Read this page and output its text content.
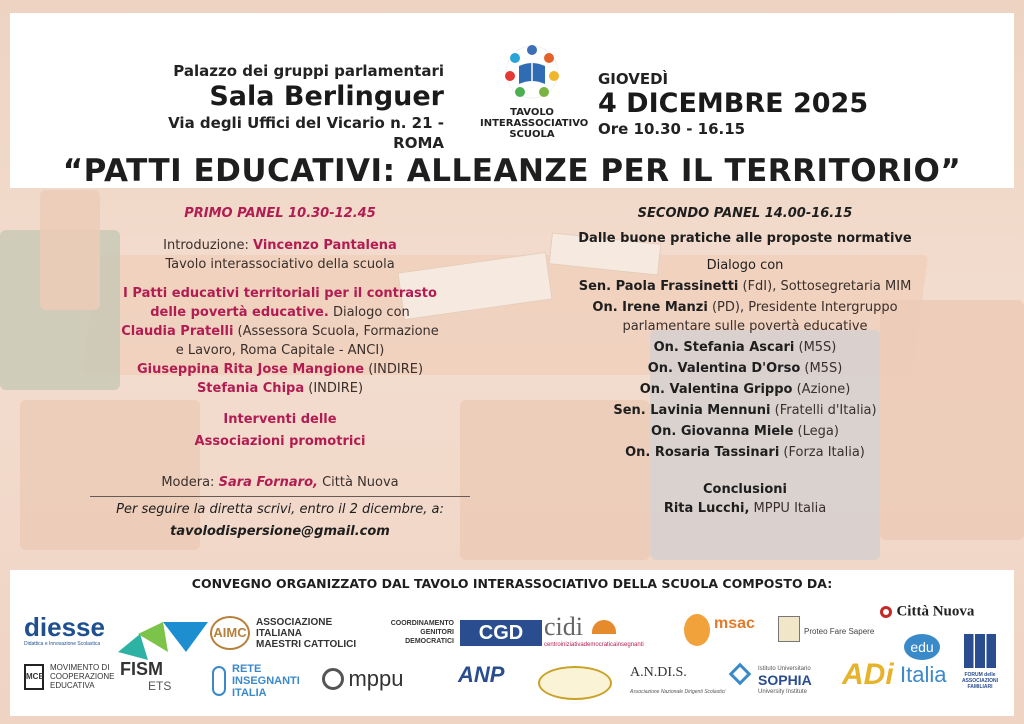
Palazzo dei gruppi parlamentari
Sala Berlinguer
Via degli Uffici del Vicario n. 21 - ROMA
TAVOLO
INTERASSOCIATIVO
SCUOLA
GIOVEDÌ
4 DICEMBRE 2025
Ore 10.30 - 16.15
“PATTI EDUCATIVI: ALLEANZE PER IL TERRITORIO”
PRIMO PANEL 10.30-12.45
Introduzione: Vincenzo Pantalena
Tavolo interassociativo della scuola
I Patti educativi territoriali per il contrasto
delle povertà educative. Dialogo con
Claudia Pratelli (Assessora Scuola, Formazione
e Lavoro, Roma Capitale - ANCI)
Giuseppina Rita Jose Mangione (INDIRE)
Stefania Chipa (INDIRE)
Interventi delle
Associazioni promotrici
Modera: Sara Fornaro, Città Nuova
Per seguire la diretta scrivi, entro il 2 dicembre, a:
tavolodispersione@gmail.com
SECONDO PANEL 14.00-16.15
Dalle buone pratiche alle proposte normative
Dialogo con
Sen. Paola Frassinetti (FdI), Sottosegretaria MIM
On. Irene Manzi (PD), Presidente Intergruppo
parlamentare sulle povertà educative
On. Stefania Ascari (M5S)
On. Valentina D'Orso (M5S)
On. Valentina Grippo (Azione)
Sen. Lavinia Mennuni (Fratelli d'Italia)
On. Giovanna Miele (Lega)
On. Rosaria Tassinari (Forza Italia)
Conclusioni
Rita Lucchi, MPPU Italia
CONVEGNO ORGANIZZATO DAL TAVOLO INTERASSOCIATIVO DELLA SCUOLA COMPOSTO DA:
diesse
Didattica e Innovazione Scolastica
FISM
ETS
AIMC
ASSOCIAZIONE
ITALIANA
MAESTRI CATTOLICI
COORDINAMENTO
GENITORI
DEMOCRATICI	CGD cidi
centroiniziativademocraticainsegnanti
msac	Proteo Fare Sapere
Città Nuova
MCE
MOVIMENTO DI
COOPERAZIONE
EDUCATIVA
RETE
INSEGNANTI
ITALIA
mppu ANP	A.N.DI.S.
Associazione Nazionale Dirigenti Scolastici
Istituto Universitario
SOPHIA
University Institute
ADi
edu
Italia	FORUM delle ASSOCIAZIONI FAMILIARI
